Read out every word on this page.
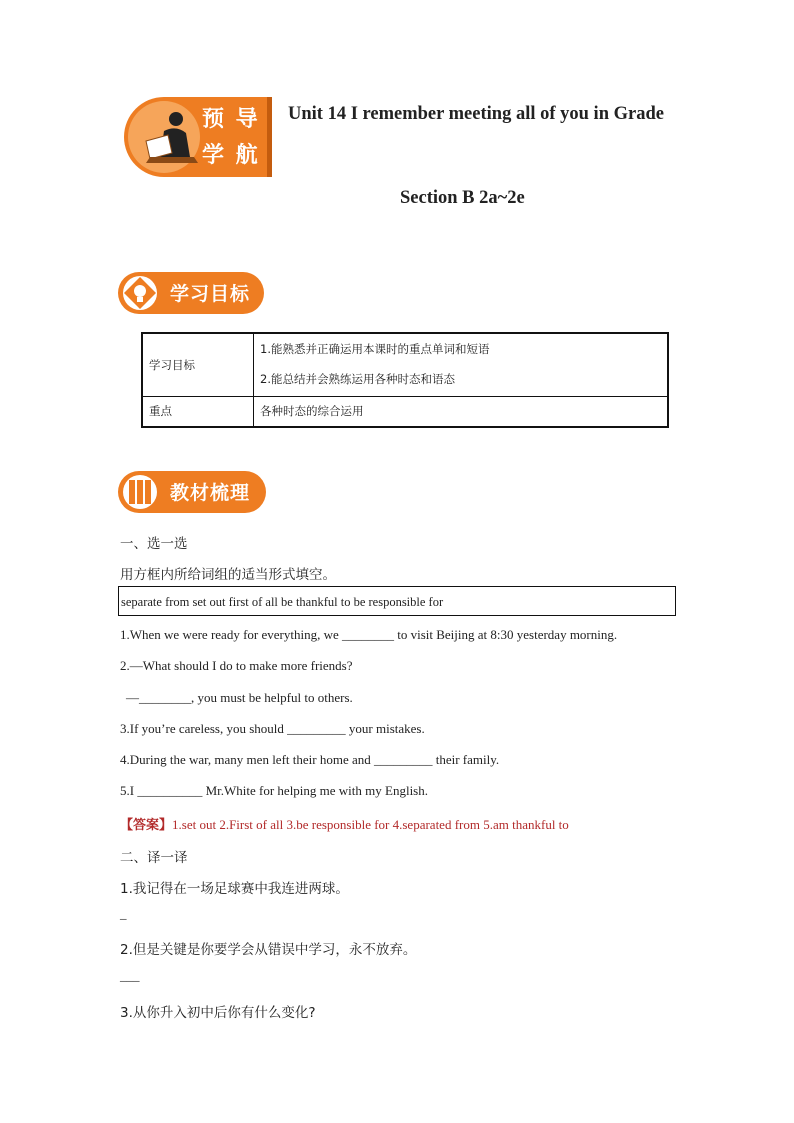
预 导
学 航
Unit 14 I remember meeting all of you in Grade
Section B 2a~2e
学习目标
学习目标	1.能熟悉并正确运用本课时的重点单词和短语
2.能总结并会熟练运用各种时态和语态

重点	各种时态的综合运用
教材梳理
一、选一选
用方框内所给词组的适当形式填空。
separate from set out first of all be thankful to be responsible for
1.When we were ready for everything, we ________ to visit Beijing at 8:30 yesterday morning.
2.—What should I do to make more friends?
—________, you must be helpful to others.
3.If you’re careless, you should _________ your mistakes.
4.During the war, many men left their home and _________ their family.
5.I __________ Mr.White for helping me with my English.
【答案】1.set out 2.First of all 3.be responsible for 4.separated from 5.am thankful to
二、译一译
1.我记得在一场足球赛中我连进两球。
_
2.但是关键是你要学会从错误中学习，永不放弃。
___
3.从你升入初中后你有什么变化?
